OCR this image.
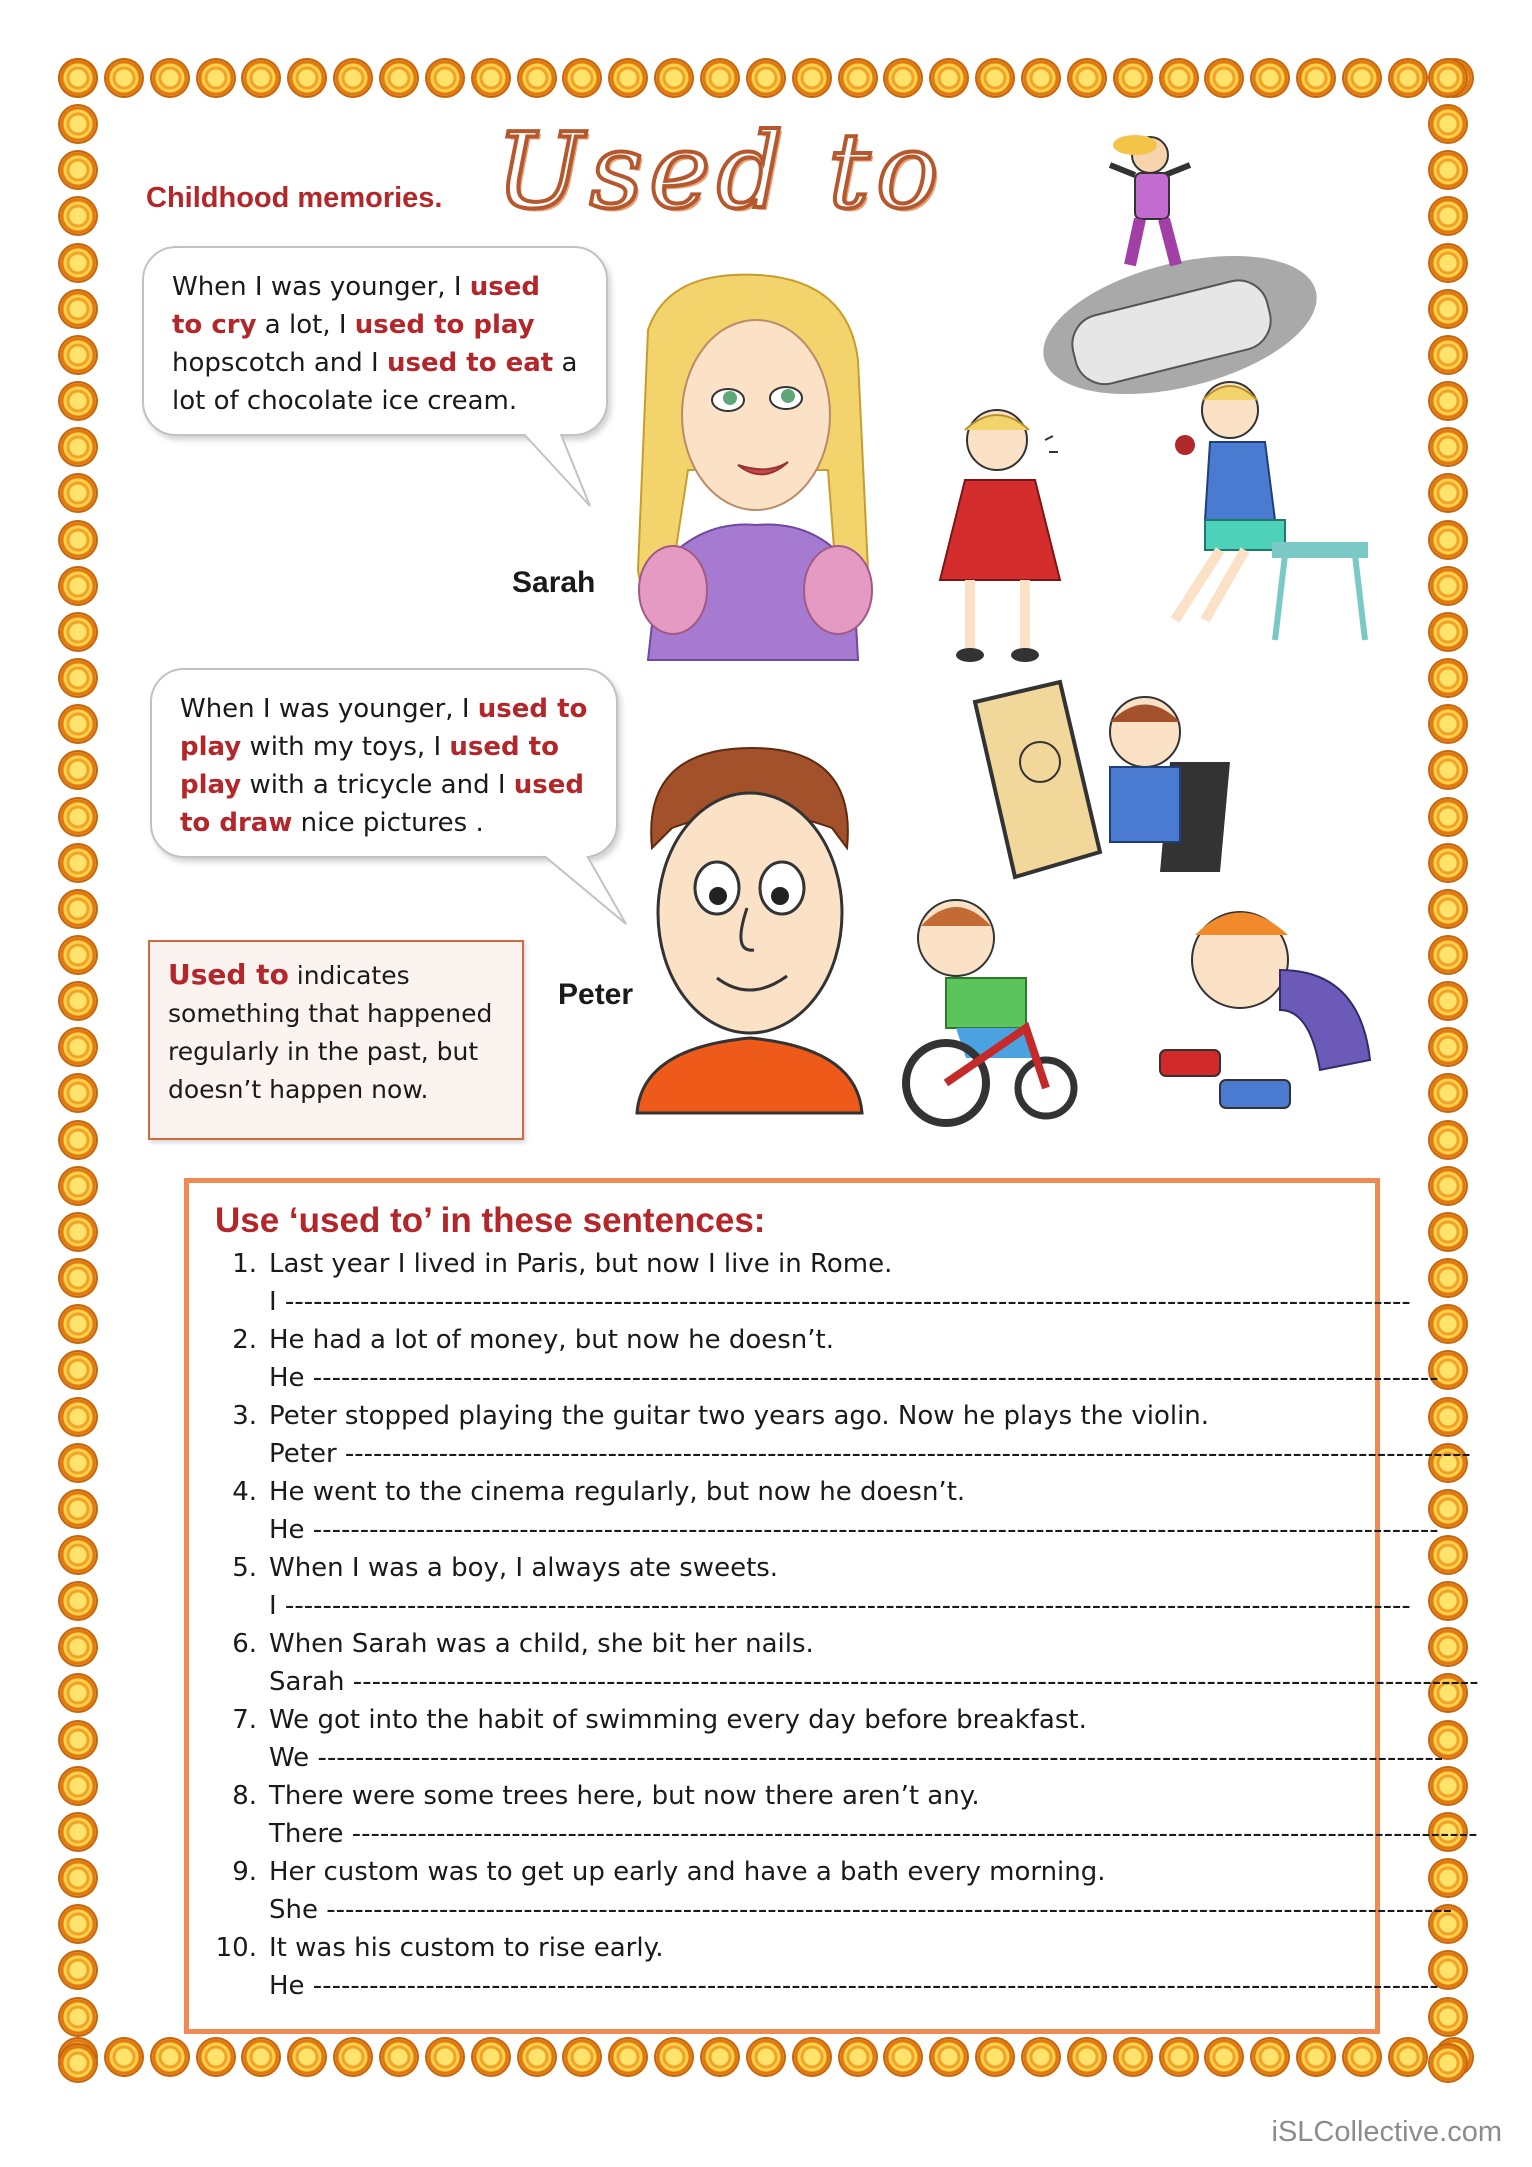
Used to
Childhood memories.
When I was younger, I used to cry a lot, I used to play hopscotch and I used to eat a lot of chocolate ice cream.
Sarah
When I was younger, I used to play with my toys, I used to play with a tricycle and I used to draw nice pictures .
Peter
Used to indicates something that happened regularly in the past, but doesn’t happen now.
Use ‘used to’ in these sentences:
1. Last year I lived in Paris, but now I live in Rome.
I ------------------------------------------------------------------------------------------------------------------------
2. He had a lot of money, but now he doesn’t.
He ------------------------------------------------------------------------------------------------------------------------
3. Peter stopped playing the guitar two years ago. Now he plays the violin.
Peter ------------------------------------------------------------------------------------------------------------------------
4. He went to the cinema regularly, but now he doesn’t.
He ------------------------------------------------------------------------------------------------------------------------
5. When I was a boy, I always ate sweets.
I ------------------------------------------------------------------------------------------------------------------------
6. When Sarah was a child, she bit her nails.
Sarah ------------------------------------------------------------------------------------------------------------------------
7. We got into the habit of swimming every day before breakfast.
We ------------------------------------------------------------------------------------------------------------------------
8. There were some trees here, but now there aren’t any.
There ------------------------------------------------------------------------------------------------------------------------
9. Her custom was to get up early and have a bath every morning.
She ------------------------------------------------------------------------------------------------------------------------
10. It was his custom to rise early.
He ------------------------------------------------------------------------------------------------------------------------
iSLCollective.com
